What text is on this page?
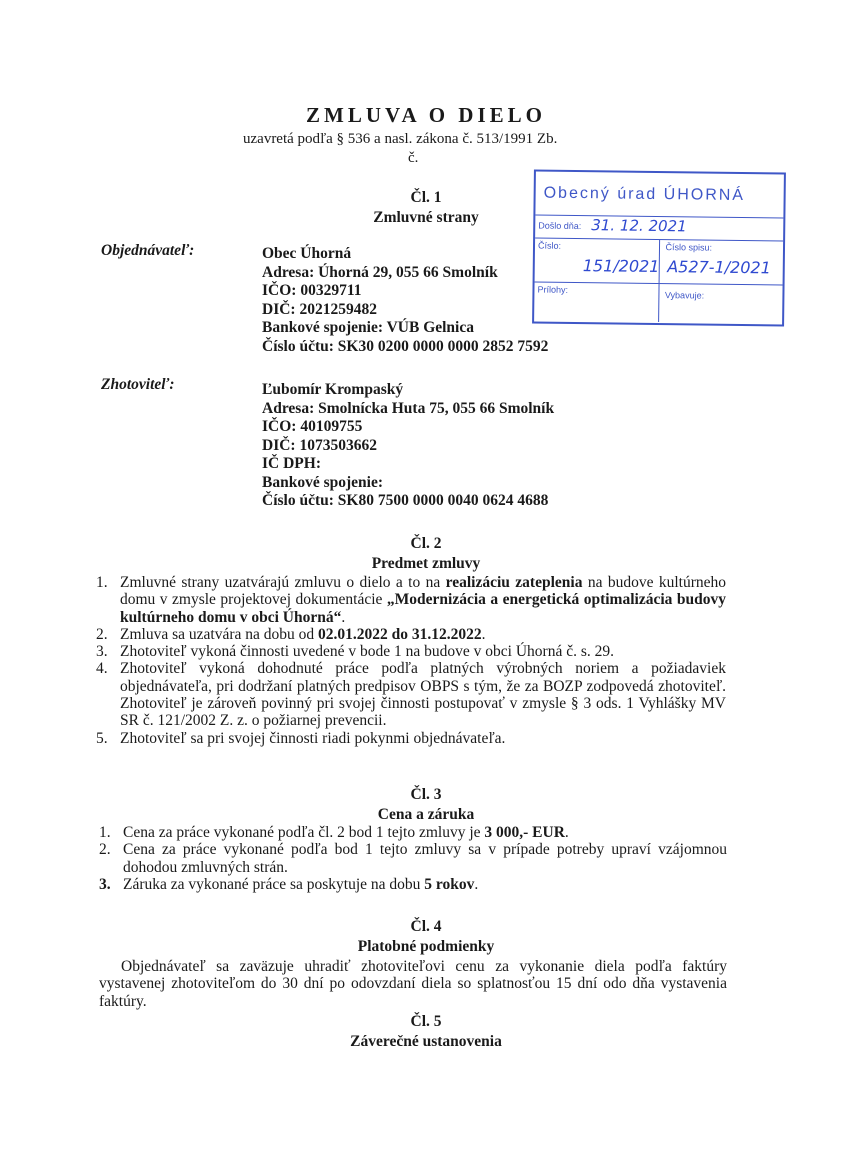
ZMLUVA O DIELO
uzavretá podľa § 536 a nasl. zákona č. 513/1991 Zb.
č.
Obecný úrad ÚHORNÁ
Došlo dňa: 31. 12. 2021
Číslo:
151/2021
Číslo spisu:
A527-1/2021
Prílohy:
Vybavuje:
Čl. 1
Zmluvné strany
Objednávateľ:	Obec Úhorná
Adresa: Úhorná 29, 055 66 Smolník
IČO: 00329711
DIČ: 2021259482
Bankové spojenie: VÚB Gelnica
Číslo účtu: SK30 0200 0000 0000 2852 7592
Zhotoviteľ:	Ľubomír Krompaský
Adresa: Smolnícka Huta 75, 055 66 Smolník
IČO: 40109755
DIČ: 1073503662
IČ DPH:
Bankové spojenie:
Číslo účtu: SK80 7500 0000 0040 0624 4688
Čl. 2
Predmet zmluvy
1. Zmluvné strany uzatvárajú zmluvu o dielo a to na realizáciu zateplenia na budove kultúrneho domu v zmysle projektovej dokumentácie „Modernizácia a energetická optimalizácia budovy kultúrneho domu v obci Úhorná“.
2. Zmluva sa uzatvára na dobu od 02.01.2022 do 31.12.2022.
3. Zhotoviteľ vykoná činnosti uvedené v bode 1 na budove v obci Úhorná č. s. 29.
4. Zhotoviteľ vykoná dohodnuté práce podľa platných výrobných noriem a požiadaviek objednávateľa, pri dodržaní platných predpisov OBPS s tým, že za BOZP zodpovedá zhotoviteľ. Zhotoviteľ je zároveň povinný pri svojej činnosti postupovať v zmysle § 3 ods. 1 Vyhlášky MV SR č. 121/2002 Z. z. o požiarnej prevencii.
5. Zhotoviteľ sa pri svojej činnosti riadi pokynmi objednávateľa.
Čl. 3
Cena a záruka
1. Cena za práce vykonané podľa čl. 2 bod 1 tejto zmluvy je 3 000,- EUR.
2. Cena za práce vykonané podľa bod 1 tejto zmluvy sa v prípade potreby upraví vzájomnou dohodou zmluvných strán.
3. Záruka za vykonané práce sa poskytuje na dobu 5 rokov.
Čl. 4
Platobné podmienky
Objednávateľ sa zaväzuje uhradiť zhotoviteľovi cenu za vykonanie diela podľa faktúry vystavenej zhotoviteľom do 30 dní po odovzdaní diela so splatnosťou 15 dní odo dňa vystavenia faktúry.
Čl. 5
Záverečné ustanovenia
